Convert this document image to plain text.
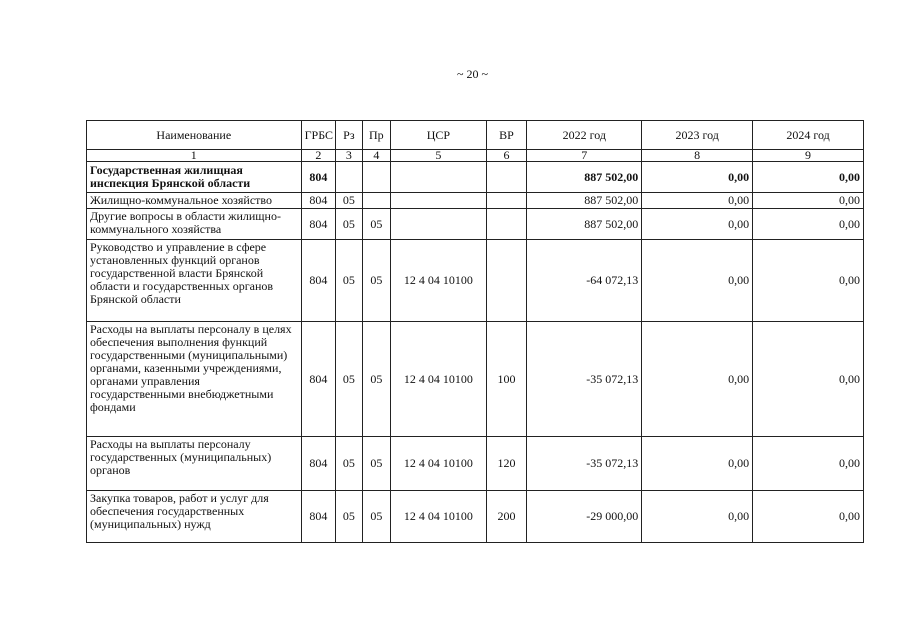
~ 20 ~
Наименование	ГРБС	Рз	Пр	ЦСР	ВР	2022 год	2023 год	2024 год
1	2	3	4	5	6	7	8	9
Государственная жилищная инспекция Брянской области	804					887 502,00	0,00	0,00
Жилищно-коммунальное хозяйство	804	05				887 502,00	0,00	0,00
Другие вопросы в области жилищно-коммунального хозяйства	804	05	05			887 502,00	0,00	0,00
Руководство и управление в сфере установленных функций органов государственной власти Брянской области и государственных органов Брянской области	804	05	05	12 4 04 10100		-64 072,13	0,00	0,00
Расходы на выплаты персоналу в целях обеспечения выполнения функций государственными (муниципальными) органами, казенными учреждениями, органами управления государственными внебюджетными фондами	804	05	05	12 4 04 10100	100	-35 072,13	0,00	0,00
Расходы на выплаты персоналу государственных (муниципальных) органов	804	05	05	12 4 04 10100	120	-35 072,13	0,00	0,00
Закупка товаров, работ и услуг для обеспечения государственных (муниципальных) нужд	804	05	05	12 4 04 10100	200	-29 000,00	0,00	0,00
